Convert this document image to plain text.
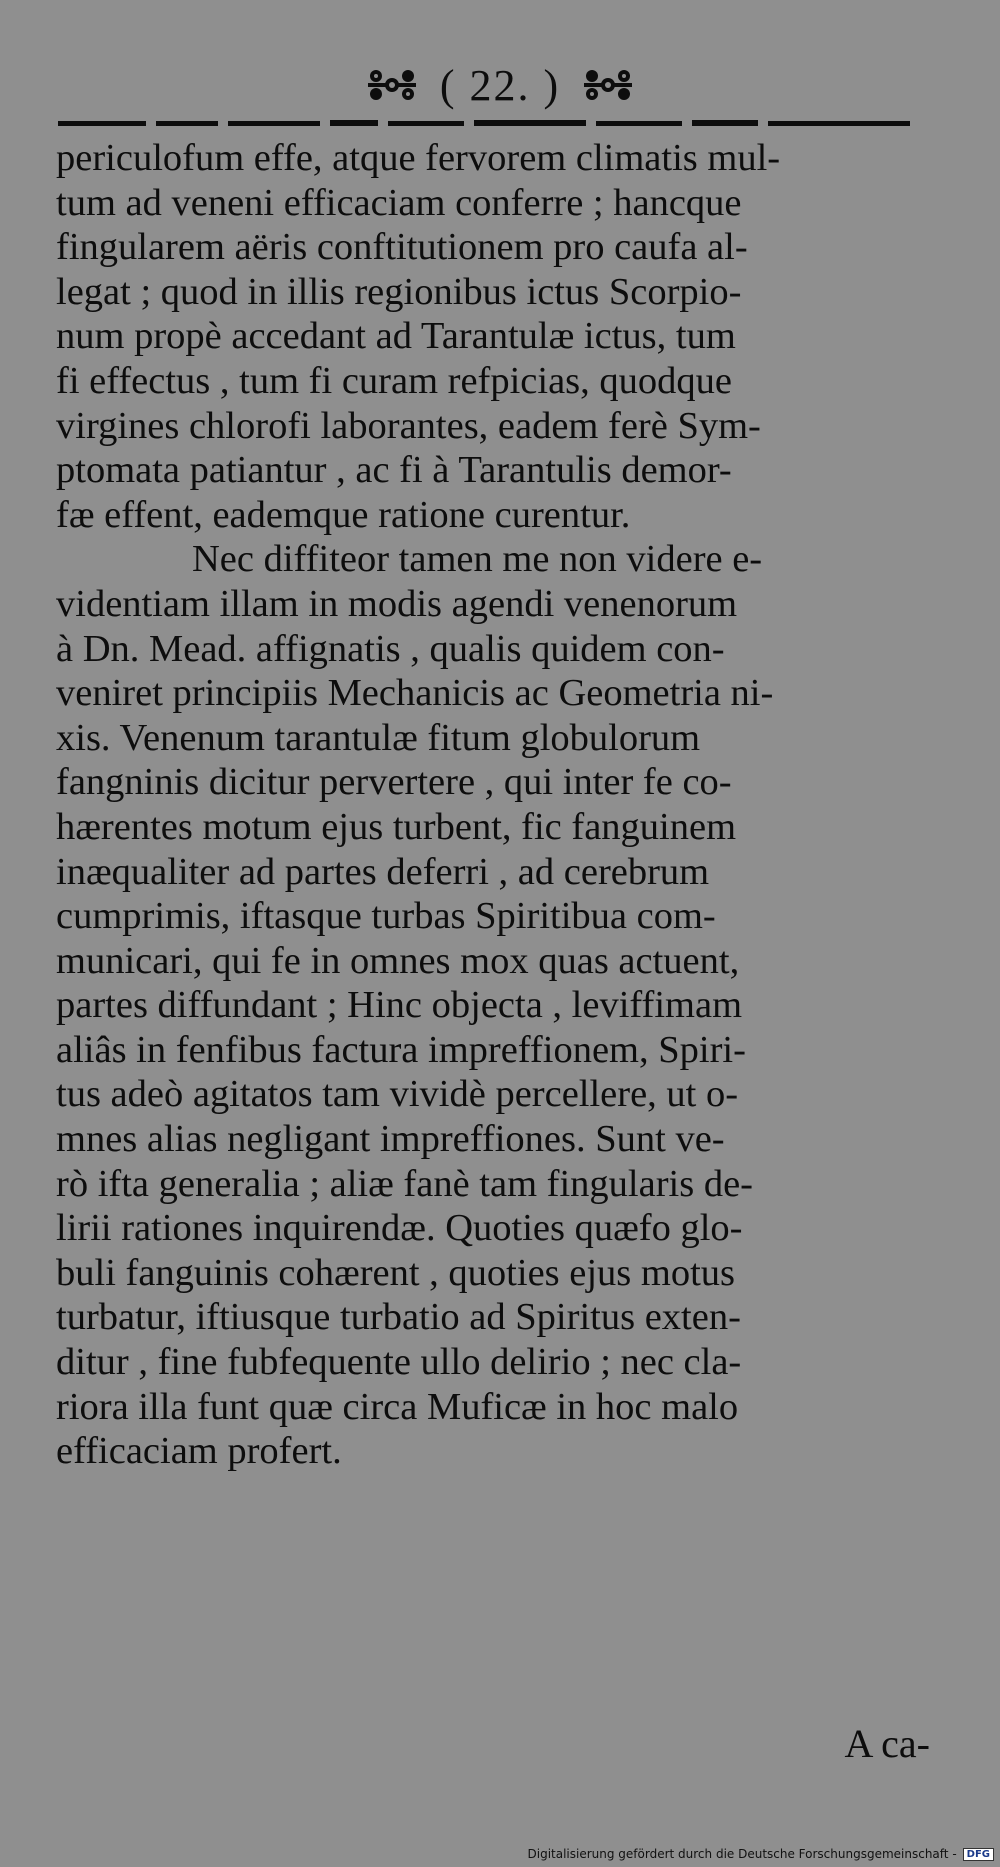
( 22. )
periculofum effe, atque fervorem climatis mul-
tum ad veneni efficaciam conferre ; hancque
fingularem aëris conftitutionem pro caufa al-
legat ; quod in illis regionibus ictus Scorpio-
num propè accedant ad Tarantulæ ictus, tum
fi effectus , tum fi curam refpicias, quodque
virgines chlorofi laborantes, eadem ferè Sym-
ptomata patiantur , ac fi à Tarantulis demor-
fæ effent, eademque ratione curentur.
Nec diffiteor tamen me non videre e-
videntiam illam in modis agendi venenorum
à Dn. Mead. affignatis , qualis quidem con-
veniret principiis Mechanicis ac Geometria ni-
xis. Venenum tarantulæ fitum globulorum
fangninis dicitur pervertere , qui inter fe co-
hærentes motum ejus turbent, fic fanguinem
inæqualiter ad partes deferri , ad cerebrum
cumprimis, iftasque turbas Spiritibua com-
municari, qui fe in omnes mox quas actuent,
partes diffundant ; Hinc objecta , leviffimam
aliâs in fenfibus factura impreffionem, Spiri-
tus adeò agitatos tam vividè percellere, ut o-
mnes alias negligant impreffiones. Sunt ve-
rò ifta generalia ; aliæ fanè tam fingularis de-
lirii rationes inquirendæ. Quoties quæfo glo-
buli fanguinis cohærent , quoties ejus motus
turbatur, iftiusque turbatio ad Spiritus exten-
ditur , fine fubfequente ullo delirio ; nec cla-
riora illa funt quæ circa Muficæ in hoc malo
efficaciam profert.
A ca-
Digitalisierung gefördert durch die Deutsche Forschungsgemeinschaft -	DFG
